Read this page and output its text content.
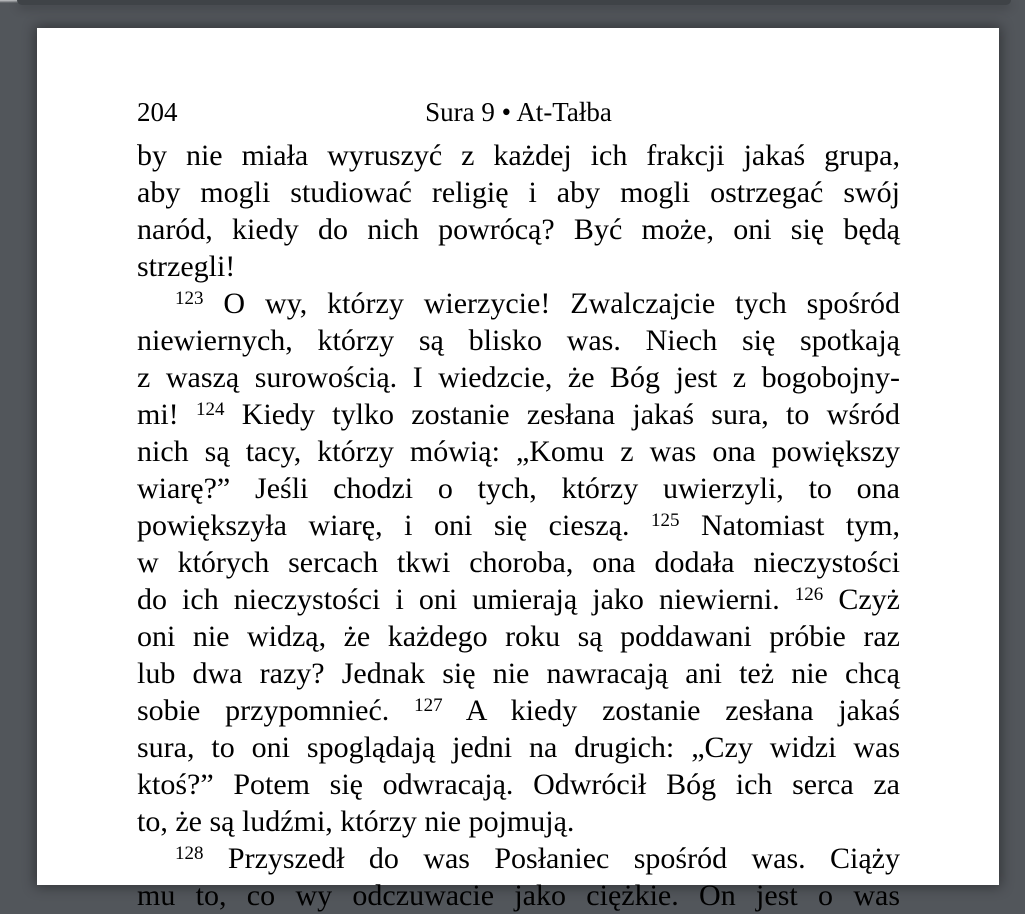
204	Sura 9 • At-Tałba
by nie miała wyruszyć z każdej ich frakcji jakaś grupa,
aby mogli studiować religię i aby mogli ostrzegać swój
naród, kiedy do nich powrócą? Być może, oni się będą
strzegli!
$^{123}$ O wy, którzy wierzycie! Zwalczajcie tych spośród
niewiernych, którzy są blisko was. Niech się spotkają
z waszą surowością. I wiedzcie, że Bóg jest z bogobojny-
mi! $^{124}$ Kiedy tylko zostanie zesłana jakaś sura, to wśród
nich są tacy, którzy mówią: „Komu z was ona powiększy
wiarę?” Jeśli chodzi o tych, którzy uwierzyli, to ona
powiększyła wiarę, i oni się cieszą. $^{125}$ Natomiast tym,
w których sercach tkwi choroba, ona dodała nieczystości
do ich nieczystości i oni umierają jako niewierni. $^{126}$ Czyż
oni nie widzą, że każdego roku są poddawani próbie raz
lub dwa razy? Jednak się nie nawracają ani też nie chcą
sobie przypomnieć. $^{127}$ A kiedy zostanie zesłana jakaś
sura, to oni spoglądają jedni na drugich: „Czy widzi was
ktoś?” Potem się odwracają. Odwrócił Bóg ich serca za
to, że są ludźmi, którzy nie pojmują.
$^{128}$ Przyszedł do was Posłaniec spośród was. Ciąży
mu to, co wy odczuwacie jako ciężkie. On jest o was
